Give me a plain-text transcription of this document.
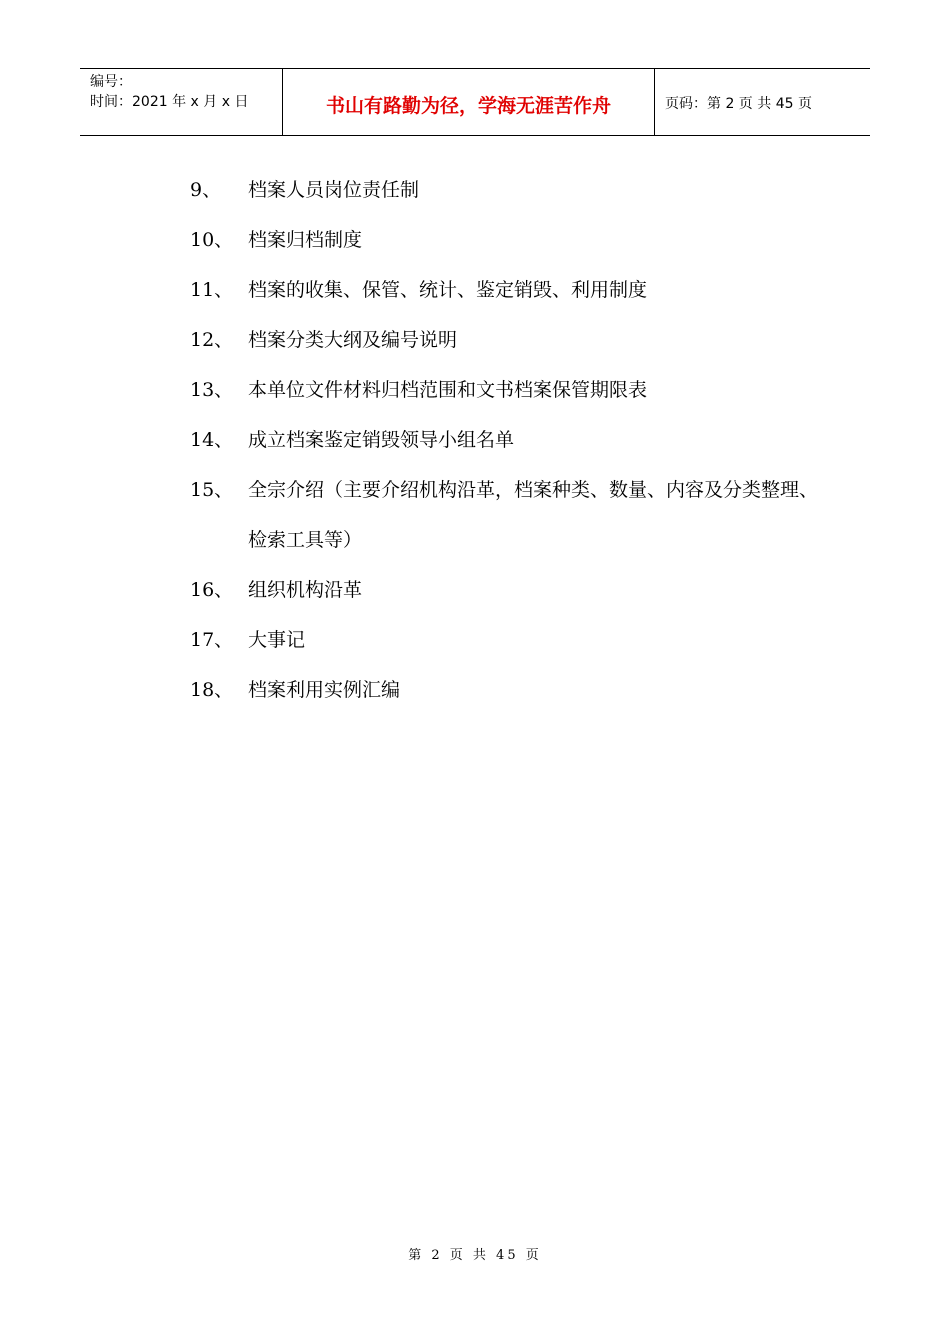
编号：
时间：2021 年 x 月 x 日	书山有路勤为径，学海无涯苦作舟	页码：第 2 页 共 45 页
9、	档案人员岗位责任制
10、 档案归档制度
11、 档案的收集、保管、统计、鉴定销毁、利用制度
12、 档案分类大纲及编号说明
13、 本单位文件材料归档范围和文书档案保管期限表
14、 成立档案鉴定销毁领导小组名单
15、 全宗介绍（主要介绍机构沿革，档案种类、数量、内容及分类整理、检索工具等）
16、 组织机构沿革
17、 大事记
18、 档案利用实例汇编
第 2 页 共 45 页
